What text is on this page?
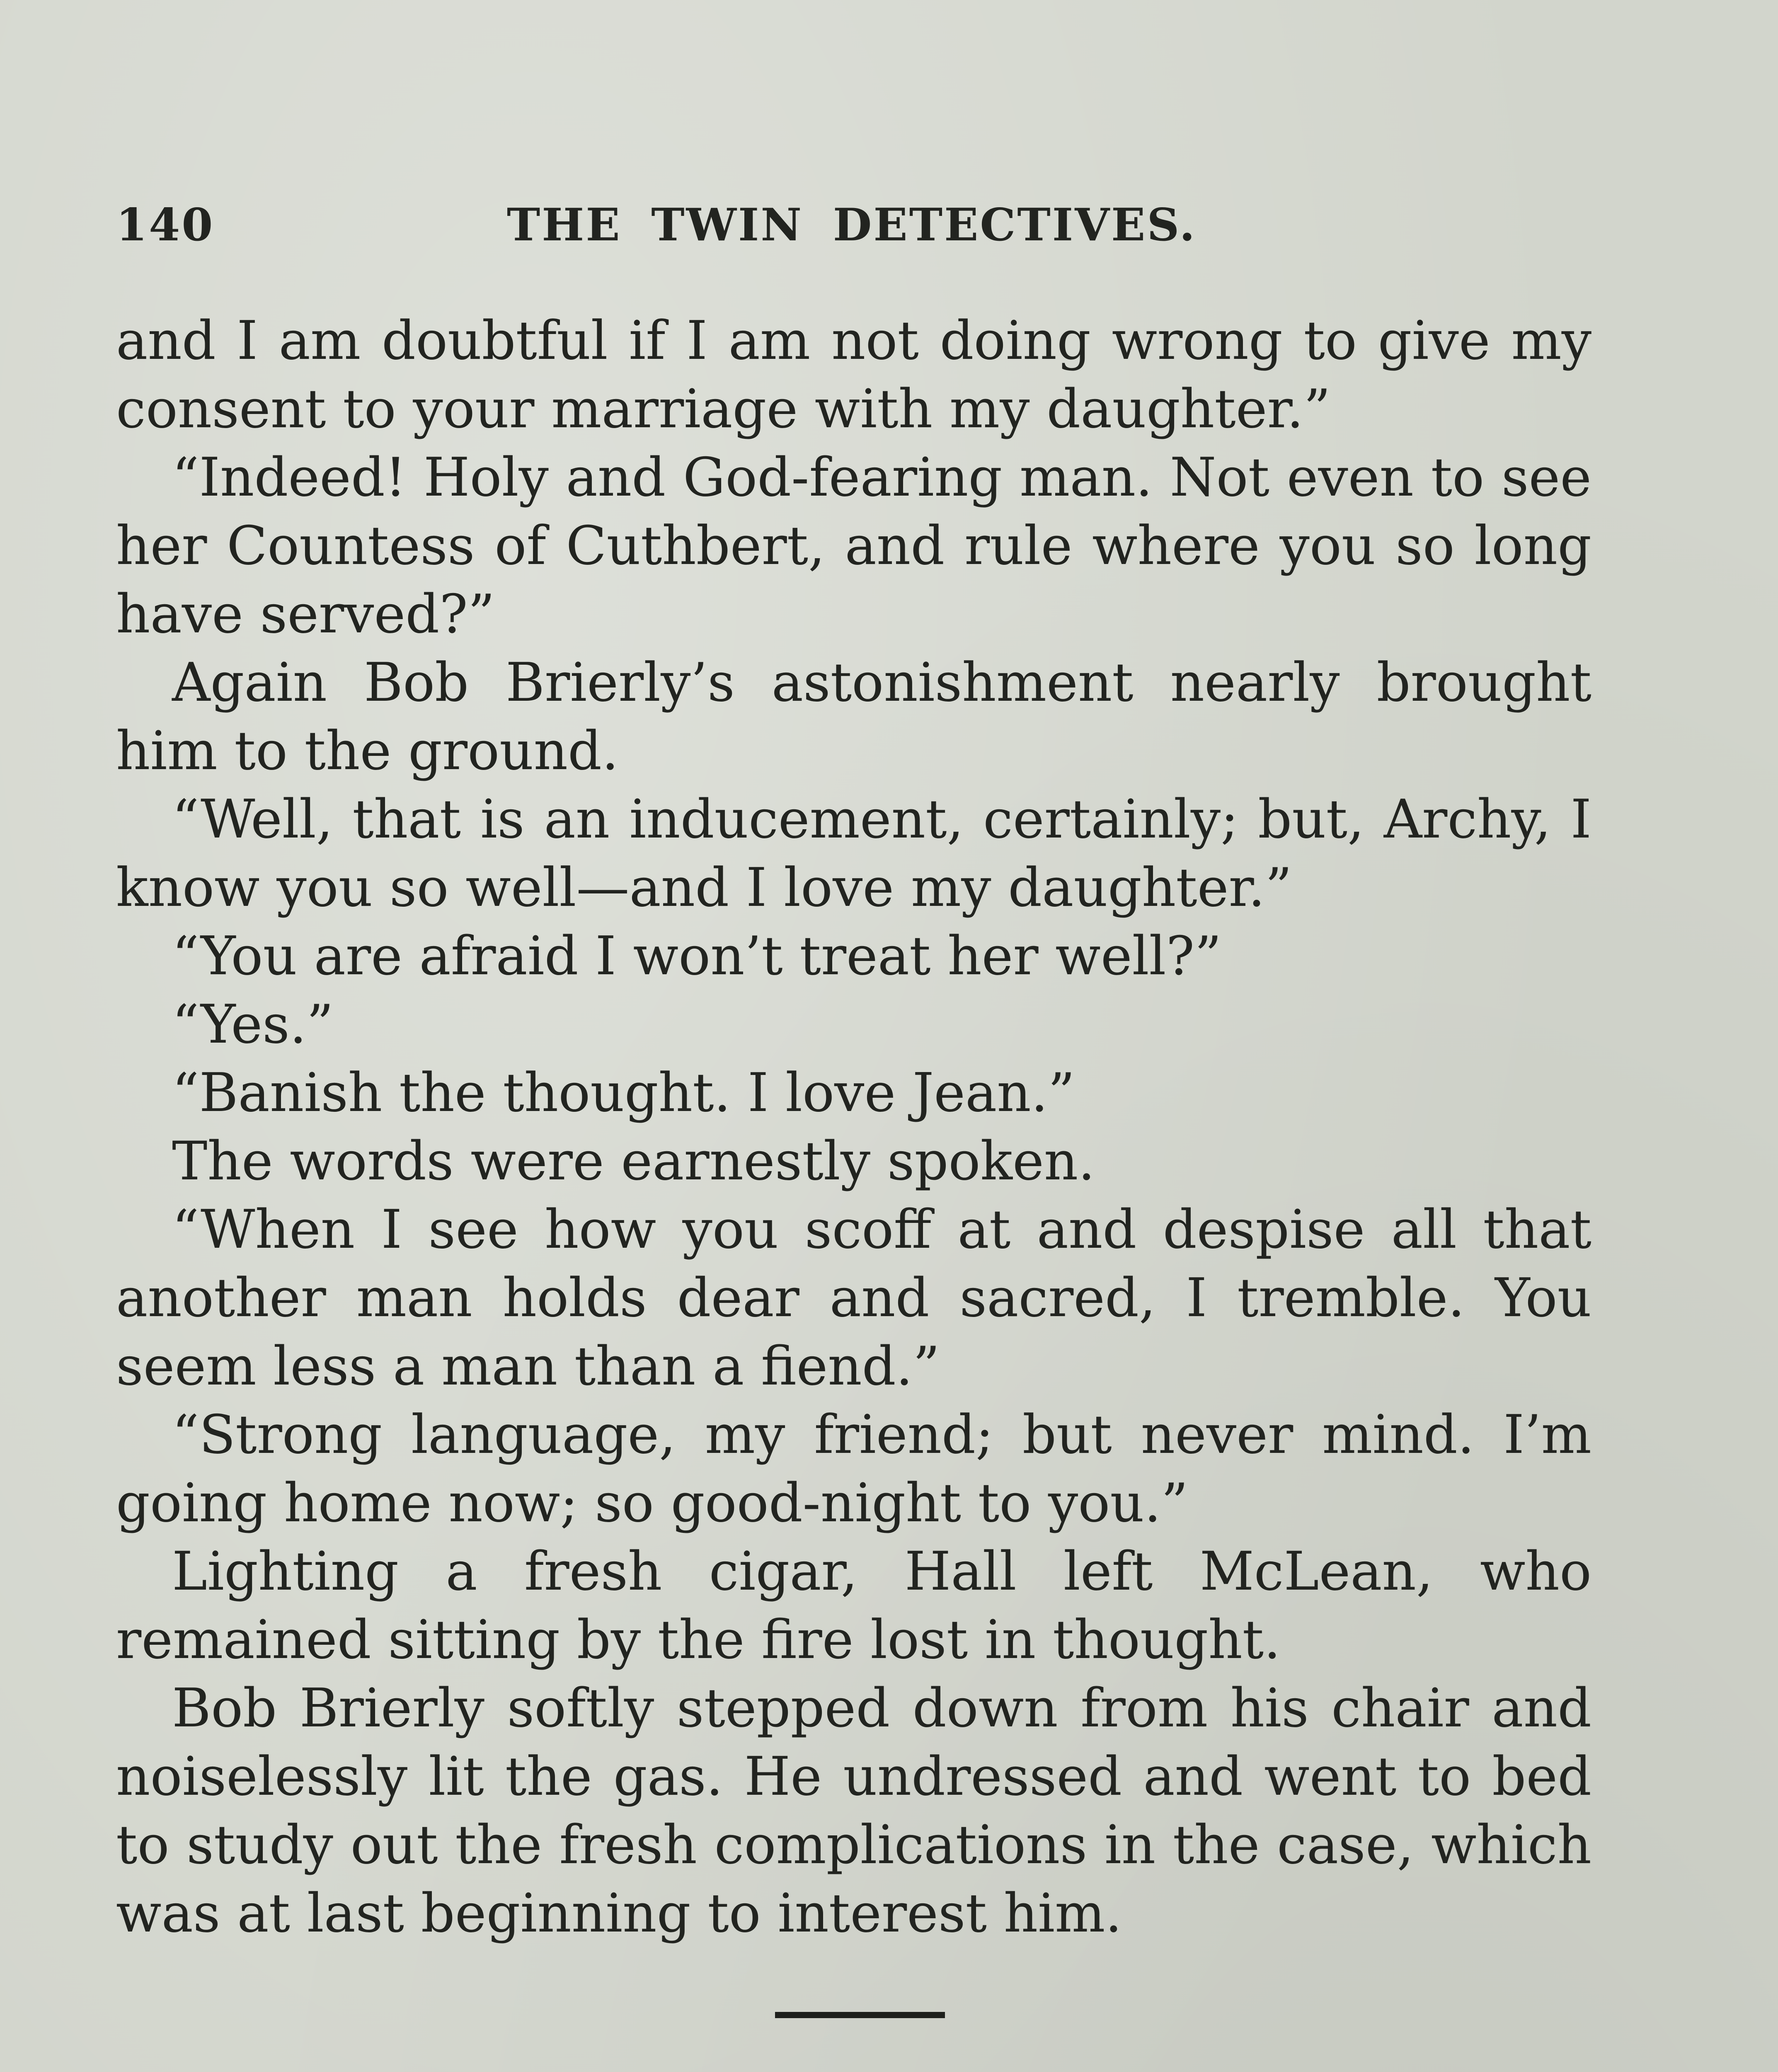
140	THE TWIN DETECTIVES.

and I am doubtful if I am not doing wrong to give my consent to your marriage with my daughter.”

“Indeed! Holy and God-fearing man. Not even to see her Countess of Cuthbert, and rule where you so long have served?”

Again Bob Brierly’s astonishment nearly brought him to the ground.

“Well, that is an inducement, certainly; but, Archy, I know you so well—and I love my daughter.”

“You are afraid I won’t treat her well?”

“Yes.”

“Banish the thought. I love Jean.”

The words were earnestly spoken.

“When I see how you scoff at and despise all that another man holds dear and sacred, I tremble. You seem less a man than a fiend.”

“Strong language, my friend; but never mind. I’m going home now; so good-night to you.”

Lighting a fresh cigar, Hall left McLean, who remained sitting by the fire lost in thought.

Bob Brierly softly stepped down from his chair and noiselessly lit the gas. He undressed and went to bed to study out the fresh complications in the case, which was at last beginning to interest him.
